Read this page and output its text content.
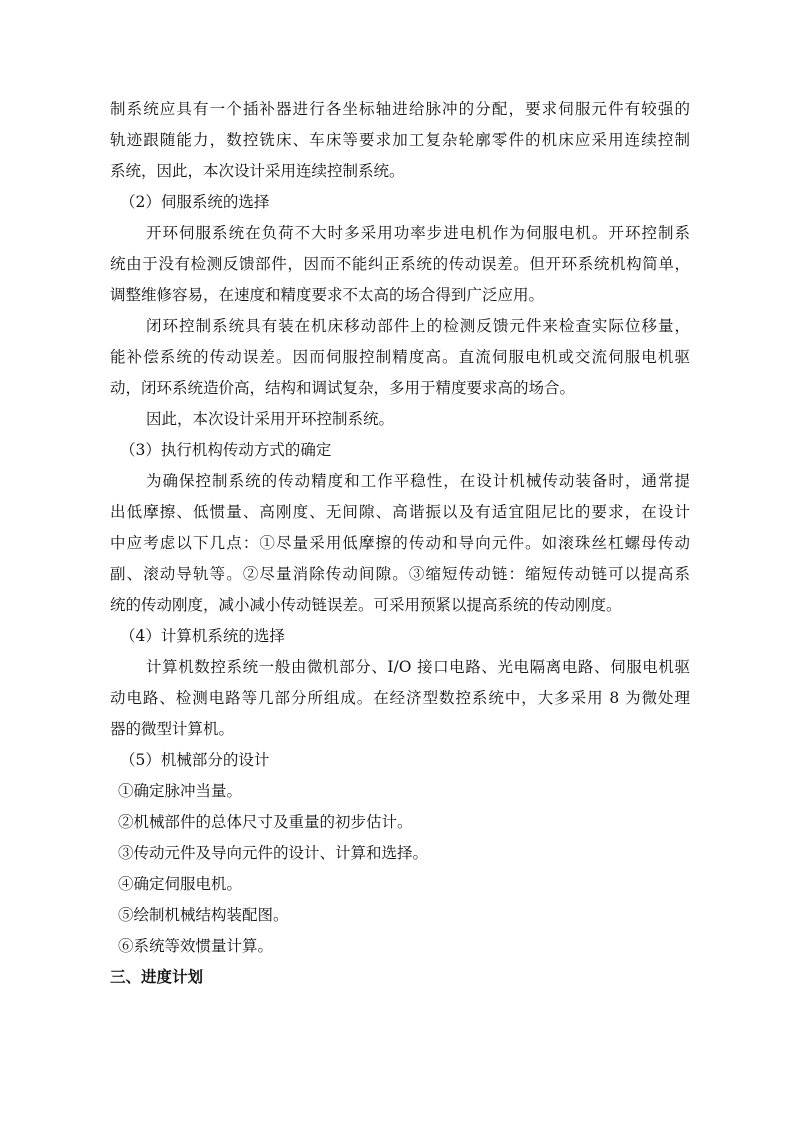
制系统应具有一个插补器进行各坐标轴进给脉冲的分配，要求伺服元件有较强的
轨迹跟随能力，数控铣床、车床等要求加工复杂轮廓零件的机床应采用连续控制
系统，因此，本次设计采用连续控制系统。
（2）伺服系统的选择
开环伺服系统在负荷不大时多采用功率步进电机作为伺服电机。开环控制系
统由于没有检测反馈部件，因而不能纠正系统的传动误差。但开环系统机构简单，
调整维修容易，在速度和精度要求不太高的场合得到广泛应用。
闭环控制系统具有装在机床移动部件上的检测反馈元件来检查实际位移量，
能补偿系统的传动误差。因而伺服控制精度高。直流伺服电机或交流伺服电机驱
动，闭环系统造价高，结构和调试复杂，多用于精度要求高的场合。
因此，本次设计采用开环控制系统。
（3）执行机构传动方式的确定
为确保控制系统的传动精度和工作平稳性，在设计机械传动装备时，通常提
出低摩擦、低惯量、高刚度、无间隙、高谐振以及有适宜阻尼比的要求，在设计
中应考虑以下几点：①尽量采用低摩擦的传动和导向元件。如滚珠丝杠螺母传动
副、滚动导轨等。②尽量消除传动间隙。③缩短传动链：缩短传动链可以提高系
统的传动刚度，减小减小传动链误差。可采用预紧以提高系统的传动刚度。
（4）计算机系统的选择
计算机数控系统一般由微机部分、I/O 接口电路、光电隔离电路、伺服电机驱
动电路、检测电路等几部分所组成。在经济型数控系统中，大多采用 8 为微处理
器的微型计算机。
（5）机械部分的设计
①确定脉冲当量。
②机械部件的总体尺寸及重量的初步估计。
③传动元件及导向元件的设计、计算和选择。
④确定伺服电机。
⑤绘制机械结构装配图。
⑥系统等效惯量计算。
三、进度计划
